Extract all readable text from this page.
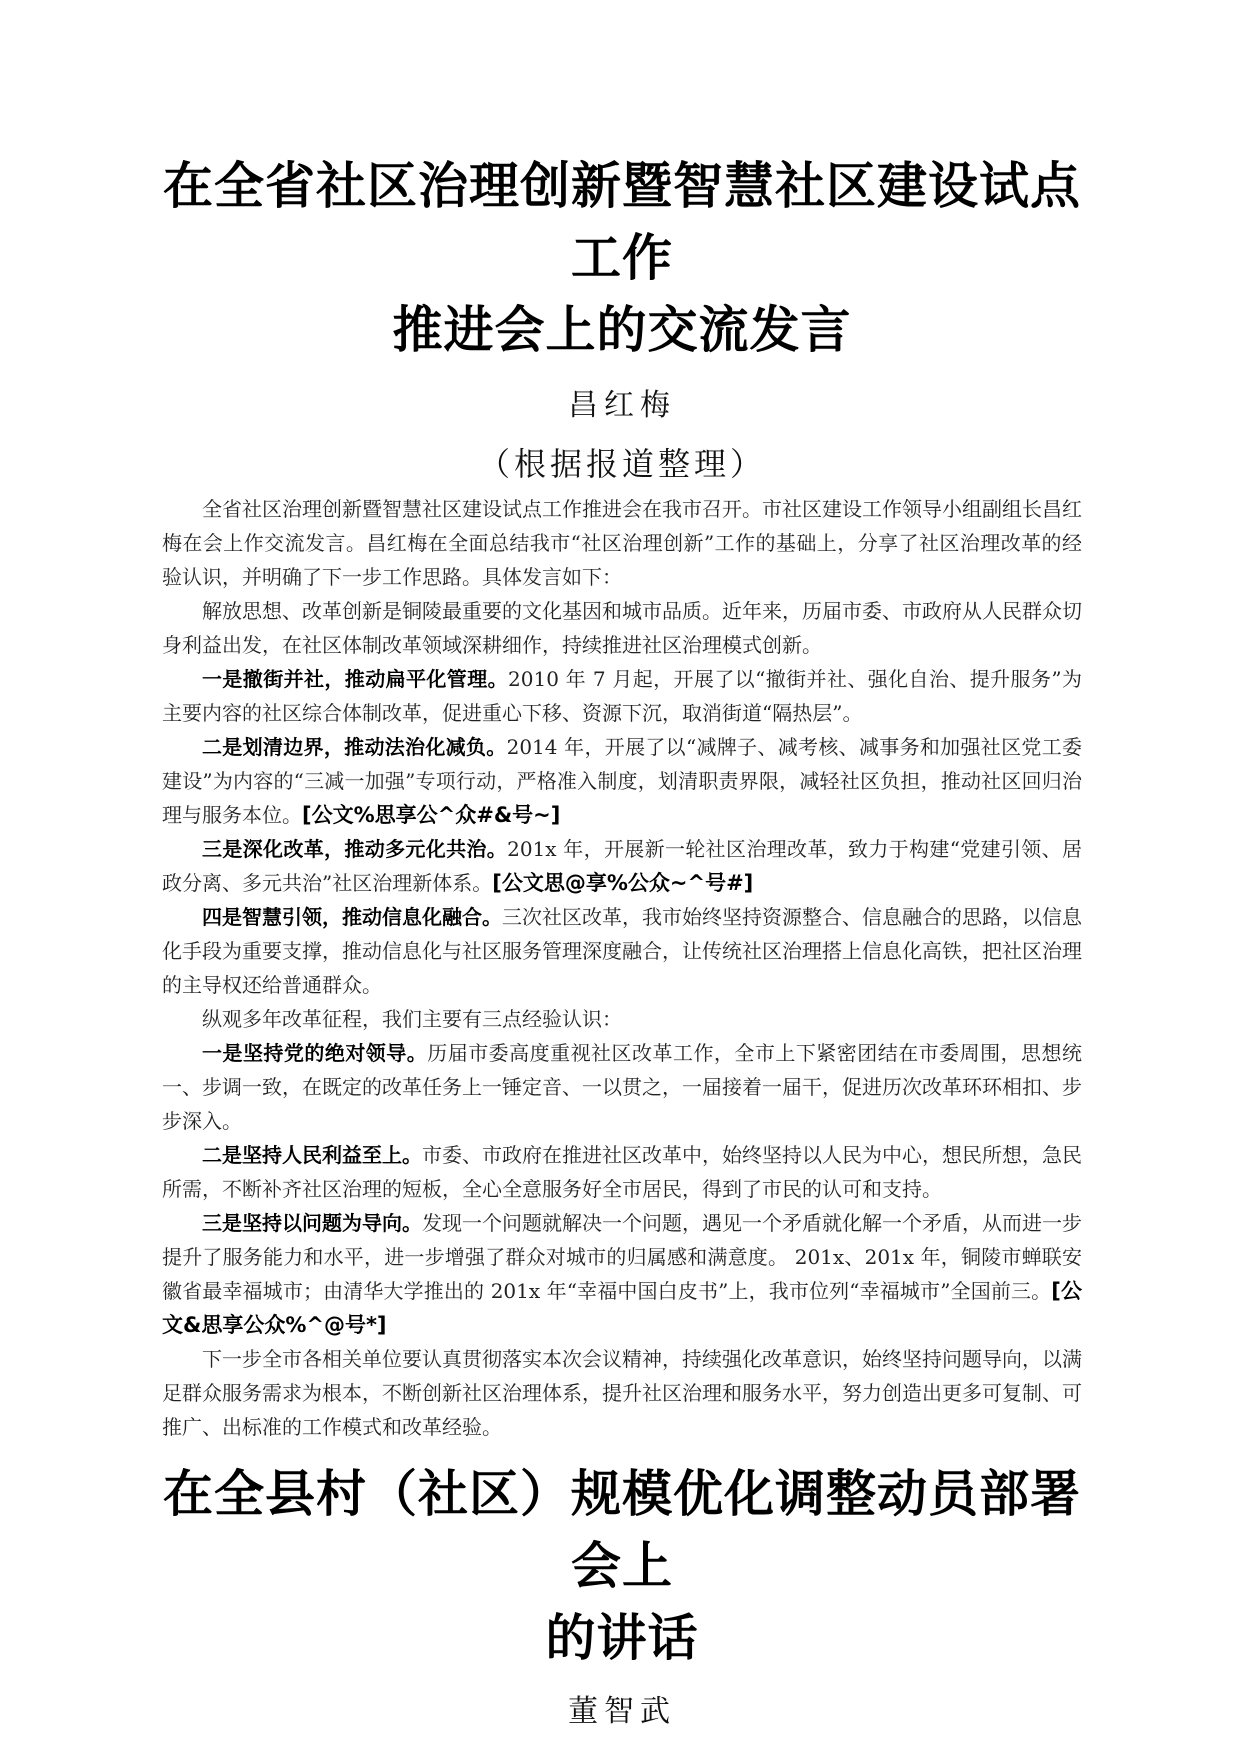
在全省社区治理创新暨智慧社区建设试点工作
推进会上的交流发言
昌红梅
（根据报道整理）

全省社区治理创新暨智慧社区建设试点工作推进会在我市召开。市社区建设工作领导小组副组长昌红梅在会上作交流发言。昌红梅在全面总结我市“社区治理创新”工作的基础上，分享了社区治理改革的经验认识，并明确了下一步工作思路。具体发言如下：

解放思想、改革创新是铜陵最重要的文化基因和城市品质。近年来，历届市委、市政府从人民群众切身利益出发，在社区体制改革领域深耕细作，持续推进社区治理模式创新。

一是撤街并社，推动扁平化管理。2010 年 7 月起，开展了以“撤街并社、强化自治、提升服务”为主要内容的社区综合体制改革，促进重心下移、资源下沉，取消街道“隔热层”。

二是划清边界，推动法治化减负。2014 年，开展了以“减牌子、减考核、减事务和加强社区党工委建设”为内容的“三减一加强”专项行动，严格准入制度，划清职责界限，减轻社区负担，推动社区回归治理与服务本位。[公文%思享公^众#&号~]

三是深化改革，推动多元化共治。201x 年，开展新一轮社区治理改革，致力于构建“党建引领、居政分离、多元共治”社区治理新体系。[公文思@享%公众~^号#]

四是智慧引领，推动信息化融合。三次社区改革，我市始终坚持资源整合、信息融合的思路，以信息化手段为重要支撑，推动信息化与社区服务管理深度融合，让传统社区治理搭上信息化高铁，把社区治理的主导权还给普通群众。

纵观多年改革征程，我们主要有三点经验认识：

一是坚持党的绝对领导。历届市委高度重视社区改革工作，全市上下紧密团结在市委周围，思想统一、步调一致，在既定的改革任务上一锤定音、一以贯之，一届接着一届干，促进历次改革环环相扣、步步深入。

二是坚持人民利益至上。市委、市政府在推进社区改革中，始终坚持以人民为中心，想民所想，急民所需，不断补齐社区治理的短板，全心全意服务好全市居民，得到了市民的认可和支持。

三是坚持以问题为导向。发现一个问题就解决一个问题，遇见一个矛盾就化解一个矛盾，从而进一步提升了服务能力和水平，进一步增强了群众对城市的归属感和满意度。 201x、201x 年，铜陵市蝉联安徽省最幸福城市；由清华大学推出的 201x 年“幸福中国白皮书”上，我市位列“幸福城市”全国前三。[公文&思享公众%^@号*]

下一步全市各相关单位要认真贯彻落实本次会议精神，持续强化改革意识，始终坚持问题导向，以满足群众服务需求为根本，不断创新社区治理体系，提升社区治理和服务水平，努力创造出更多可复制、可推广、出标准的工作模式和改革经验。

在全县村（社区）规模优化调整动员部署会上
的讲话
董智武
